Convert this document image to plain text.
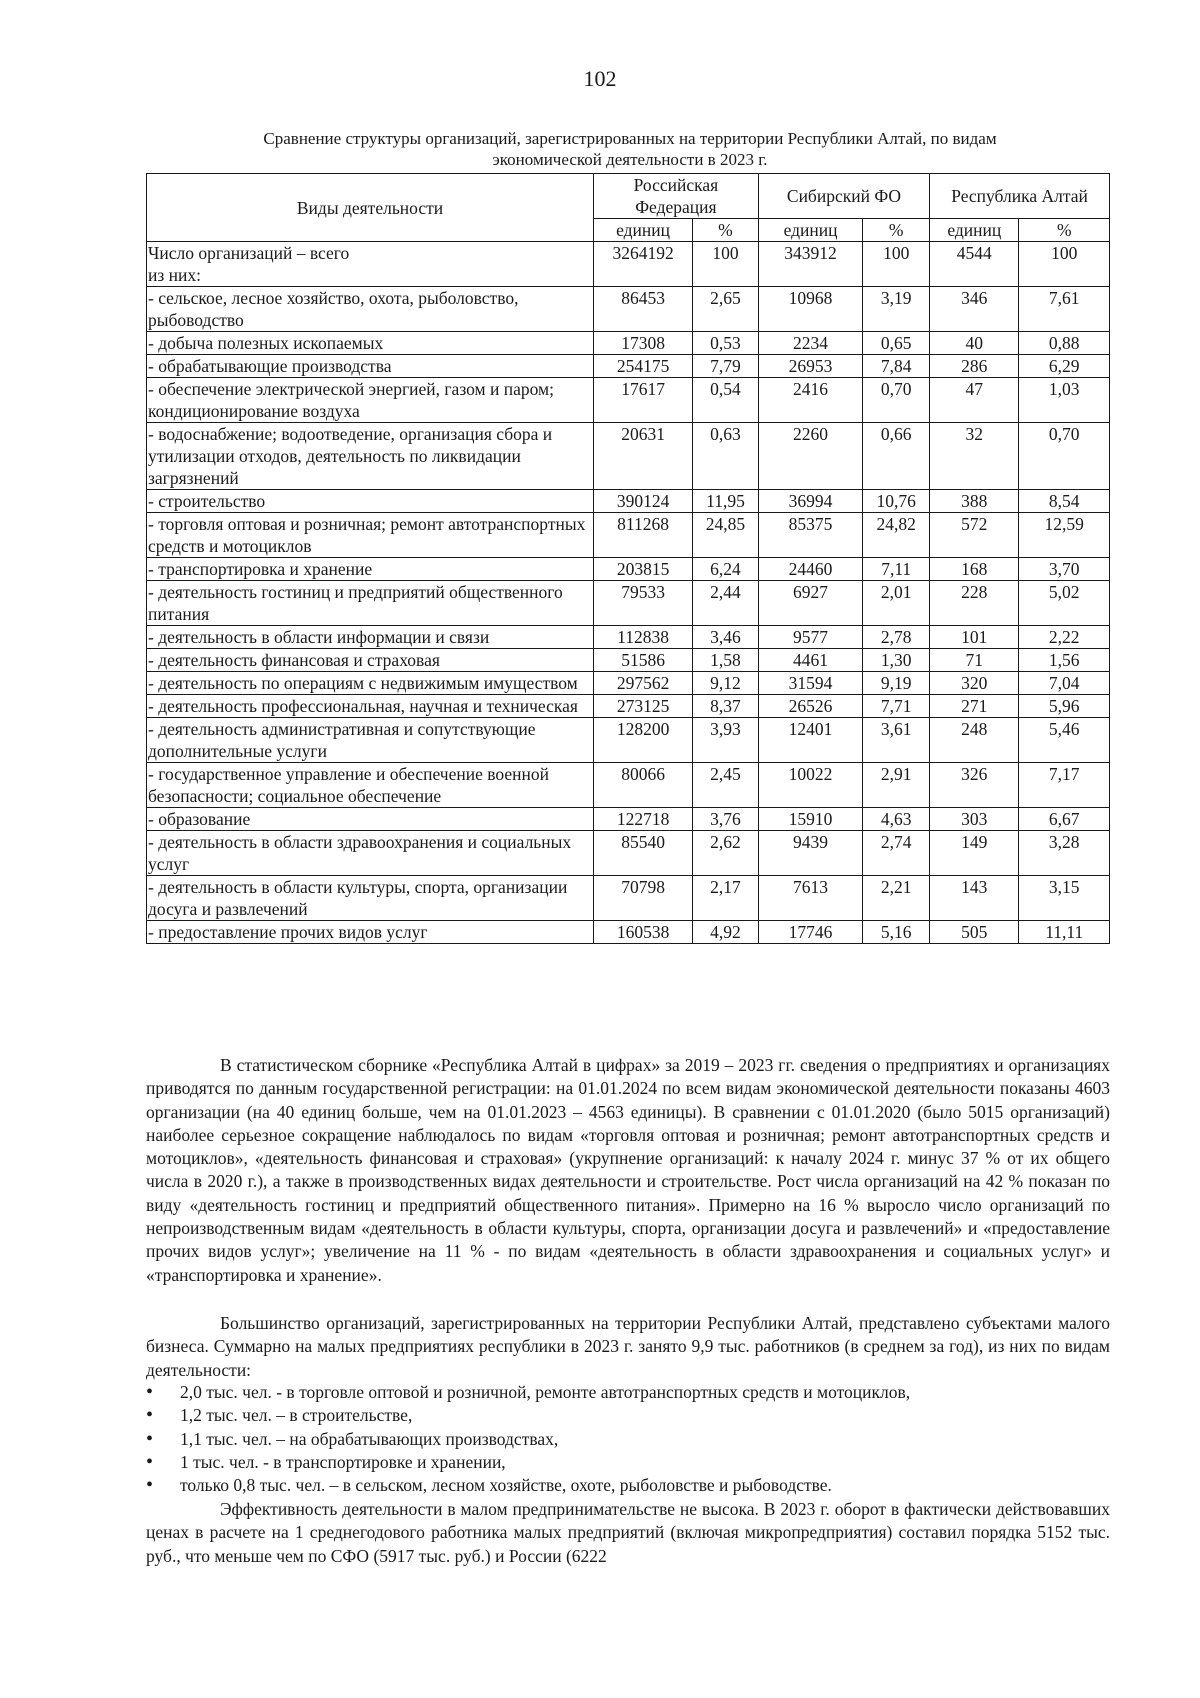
102
Сравнение структуры организаций, зарегистрированных на территории Республики Алтай, по видам
экономической деятельности в 2023 г.
Виды деятельности	Российская Федерация		Сибирский ФО		Республика Алтай	
	единиц	%	единиц	%	единиц	%
Число организаций – всего
из них:	3264192	100	343912	100	4544	100
- сельское, лесное хозяйство, охота, рыболовство, рыбоводство	86453	2,65	10968	3,19	346	7,61
- добыча полезных ископаемых	17308	0,53	2234	0,65	40	0,88
- обрабатывающие производства	254175	7,79	26953	7,84	286	6,29
- обеспечение электрической энергией, газом и паром; кондиционирование воздуха	17617	0,54	2416	0,70	47	1,03
- водоснабжение; водоотведение, организация сбора и утилизации отходов, деятельность по ликвидации загрязнений	20631	0,63	2260	0,66	32	0,70
- строительство	390124	11,95	36994	10,76	388	8,54
- торговля оптовая и розничная; ремонт автотранспортных средств и мотоциклов	811268	24,85	85375	24,82	572	12,59
- транспортировка и хранение	203815	6,24	24460	7,11	168	3,70
- деятельность гостиниц и предприятий общественного питания	79533	2,44	6927	2,01	228	5,02
- деятельность в области информации и связи	112838	3,46	9577	2,78	101	2,22
- деятельность финансовая и страховая	51586	1,58	4461	1,30	71	1,56
- деятельность по операциям с недвижимым имуществом	297562	9,12	31594	9,19	320	7,04
- деятельность профессиональная, научная и техническая	273125	8,37	26526	7,71	271	5,96
- деятельность административная и сопутствующие дополнительные услуги	128200	3,93	12401	3,61	248	5,46
- государственное управление и обеспечение военной безопасности; социальное обеспечение	80066	2,45	10022	2,91	326	7,17
- образование	122718	3,76	15910	4,63	303	6,67
- деятельность в области здравоохранения и социальных услуг	85540	2,62	9439	2,74	149	3,28
- деятельность в области культуры, спорта, организации досуга и развлечений	70798	2,17	7613	2,21	143	3,15
- предоставление прочих видов услуг	160538	4,92	17746	5,16	505	11,11

В статистическом сборнике «Республика Алтай в цифрах» за 2019 – 2023 гг. сведения о предприятиях и организациях приводятся по данным государственной регистрации: на 01.01.2024 по всем видам экономической деятельности показаны 4603 организации (на 40 единиц больше, чем на 01.01.2023 – 4563 единицы). В сравнении с 01.01.2020 (было 5015 организаций) наиболее серьезное сокращение наблюдалось по видам «торговля оптовая и розничная; ремонт автотранспортных средств и мотоциклов», «деятельность финансовая и страховая» (укрупнение организаций: к началу 2024 г. минус 37 % от их общего числа в 2020 г.), а также в производственных видах деятельности и строительстве. Рост числа организаций на 42 % показан по виду «деятельность гостиниц и предприятий общественного питания». Примерно на 16 % выросло число организаций по непроизводственным видам «деятельность в области культуры, спорта, организации досуга и развлечений» и «предоставление прочих видов услуг»; увеличение на 11 % - по видам «деятельность в области здравоохранения и социальных услуг» и «транспортировка и хранение».

Большинство организаций, зарегистрированных на территории Республики Алтай, представлено субъектами малого бизнеса. Суммарно на малых предприятиях республики в 2023 г. занято 9,9 тыс. работников (в среднем за год), из них по видам деятельности:

• 2,0 тыс. чел. - в торговле оптовой и розничной, ремонте автотранспортных средств и мотоциклов,
• 1,2 тыс. чел. – в строительстве,
• 1,1 тыс. чел. – на обрабатывающих производствах,
• 1 тыс. чел. - в транспортировке и хранении,
• только 0,8 тыс. чел. – в сельском, лесном хозяйстве, охоте, рыболовстве и рыбоводстве.

Эффективность деятельности в малом предпринимательстве не высока. В 2023 г. оборот в фактически действовавших ценах в расчете на 1 среднегодового работника малых предприятий (включая микропредприятия) составил порядка 5152 тыс. руб., что меньше чем по СФО (5917 тыс. руб.) и России (6222
